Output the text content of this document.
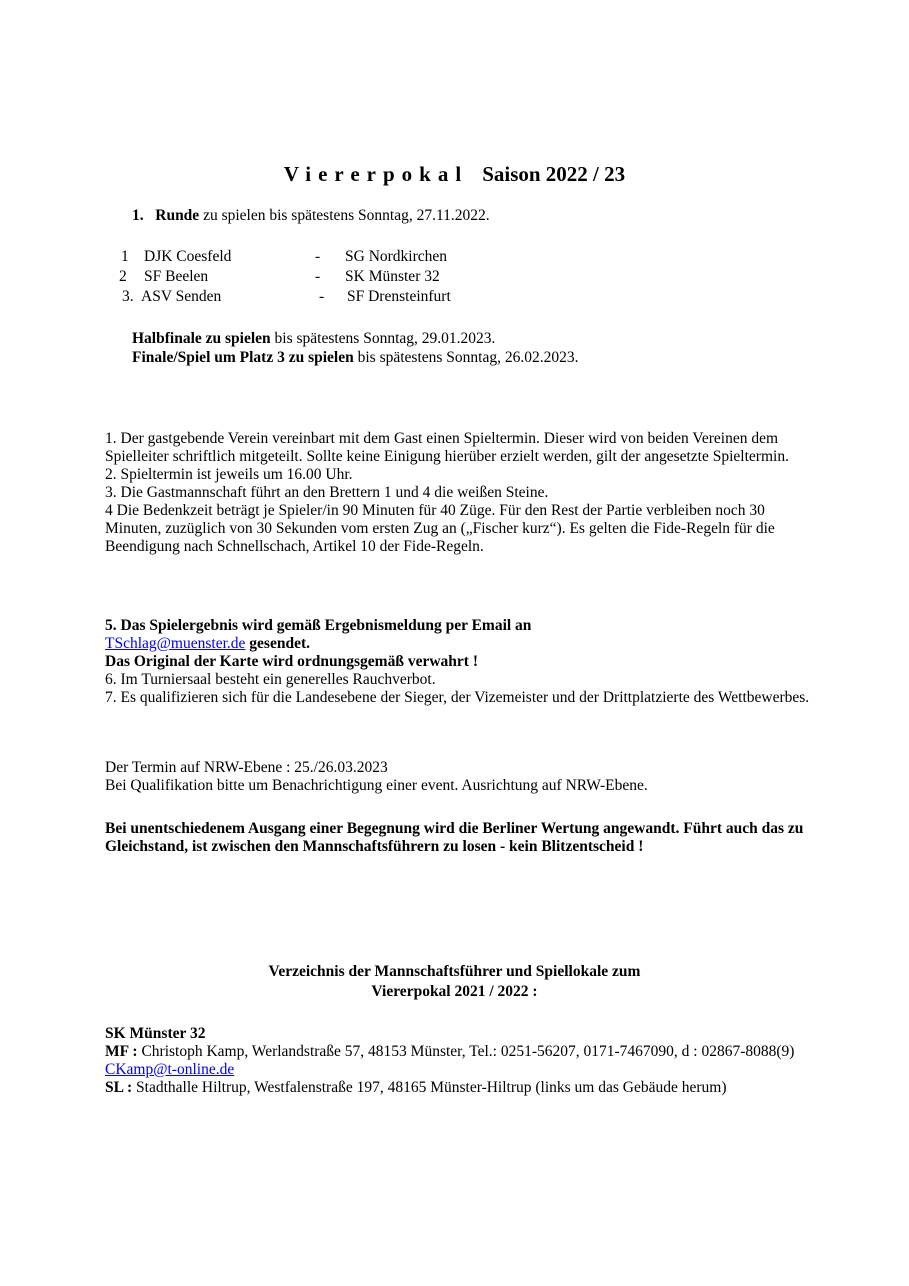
Viererpokal Saison 2022 / 23
1. Runde zu spielen bis spätestens Sonntag, 27.11.2022.
1 DJK Coesfeld	- SG Nordkirchen
2 SF Beelen	- SK Münster 32
3. ASV Senden	- SF Drensteinfurt
Halbfinale zu spielen bis spätestens Sonntag, 29.01.2023.
Finale/Spiel um Platz 3 zu spielen bis spätestens Sonntag, 26.02.2023.

1. Der gastgebende Verein vereinbart mit dem Gast einen Spieltermin. Dieser wird von beiden Vereinen dem Spielleiter schriftlich mitgeteilt. Sollte keine Einigung hierüber erzielt werden, gilt der angesetzte Spieltermin.

2. Spieltermin ist jeweils um 16.00 Uhr.

3. Die Gastmannschaft führt an den Brettern 1 und 4 die weißen Steine.

4 Die Bedenkzeit beträgt je Spieler/in 90 Minuten für 40 Züge. Für den Rest der Partie verbleiben noch 30 Minuten, zuzüglich von 30 Sekunden vom ersten Zug an („Fischer kurz“). Es gelten die Fide-Regeln für die Beendigung nach Schnellschach, Artikel 10 der Fide-Regeln.

5. Das Spielergebnis wird gemäß Ergebnismeldung per Email an

TSchlag@muenster.de gesendet.

Das Original der Karte wird ordnungsgemäß verwahrt !

6. Im Turniersaal besteht ein generelles Rauchverbot.

7. Es qualifizieren sich für die Landesebene der Sieger, der Vizemeister und der Drittplatzierte des Wettbewerbes.

Der Termin auf NRW-Ebene : 25./26.03.2023

Bei Qualifikation bitte um Benachrichtigung einer event. Ausrichtung auf NRW-Ebene.

Bei unentschiedenem Ausgang einer Begegnung wird die Berliner Wertung angewandt. Führt auch das zu Gleichstand, ist zwischen den Mannschaftsführern zu losen - kein Blitzentscheid !

Verzeichnis der Mannschaftsführer und Spiellokale zum
Viererpokal 2021 / 2022 :

SK Münster 32

MF : Christoph Kamp, Werlandstraße 57, 48153 Münster, Tel.: 0251-56207, 0171-7467090, d : 02867-8088(9) CKamp@t-online.de

SL : Stadthalle Hiltrup, Westfalenstraße 197, 48165 Münster-Hiltrup (links um das Gebäude herum)
